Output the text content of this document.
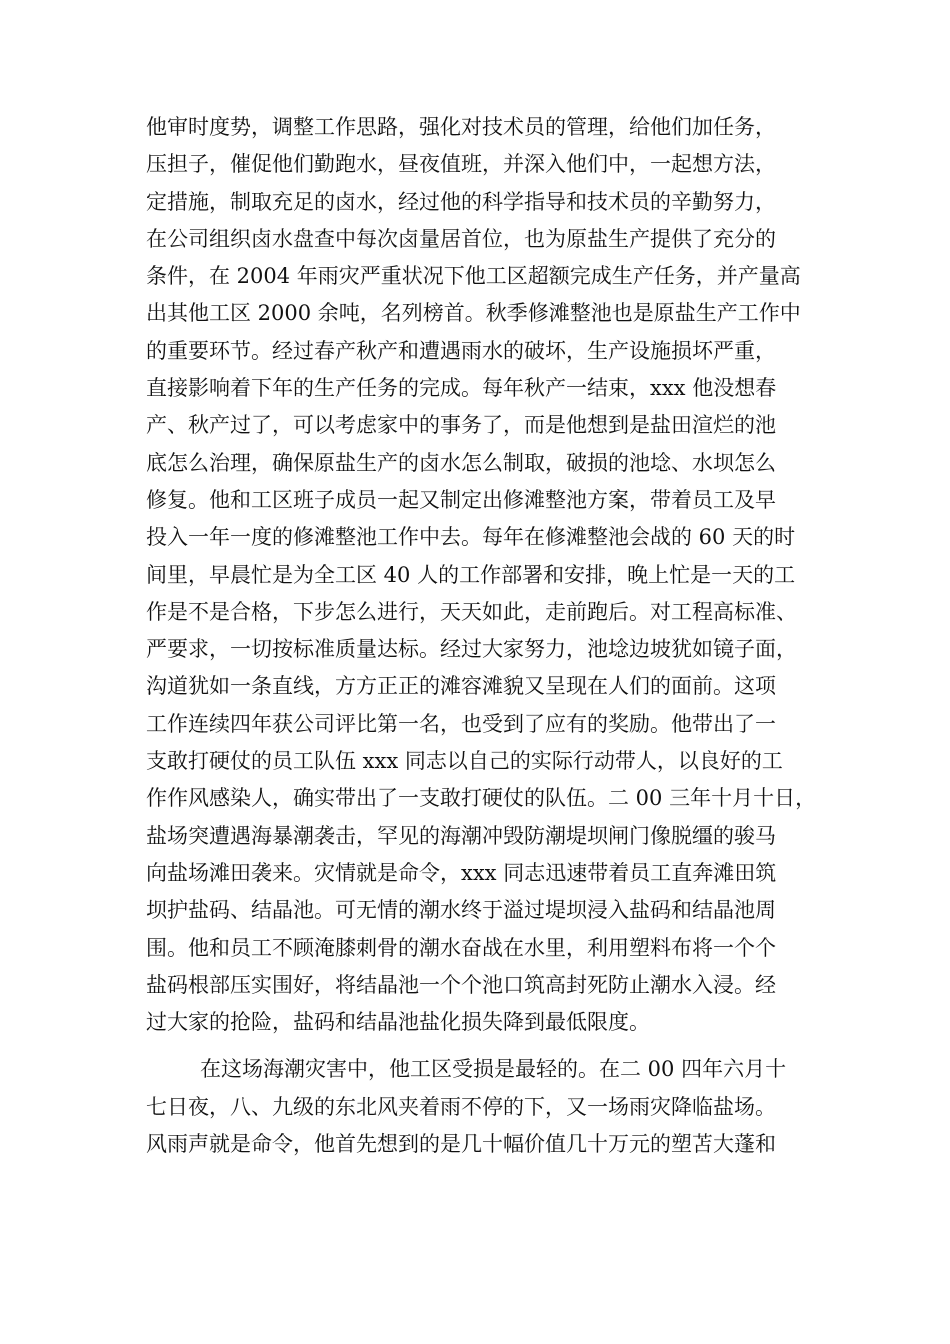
他审时度势，调整工作思路，强化对技术员的管理，给他们加任务，
压担子，催促他们勤跑水，昼夜值班，并深入他们中，一起想方法，
定措施，制取充足的卤水，经过他的科学指导和技术员的辛勤努力，
在公司组织卤水盘查中每次卤量居首位，也为原盐生产提供了充分的
条件，在 2004 年雨灾严重状况下他工区超额完成生产任务，并产量高
出其他工区 2000 余吨，名列榜首。秋季修滩整池也是原盐生产工作中
的重要环节。经过春产秋产和遭遇雨水的破坏，生产设施损坏严重，
直接影响着下年的生产任务的完成。每年秋产一结束，xxx 他没想春
产、秋产过了，可以考虑家中的事务了，而是他想到是盐田渲烂的池
底怎么治理，确保原盐生产的卤水怎么制取，破损的池埝、水坝怎么
修复。他和工区班子成员一起又制定出修滩整池方案，带着员工及早
投入一年一度的修滩整池工作中去。每年在修滩整池会战的 60 天的时
间里，早晨忙是为全工区 40 人的工作部署和安排，晚上忙是一天的工
作是不是合格，下步怎么进行，天天如此，走前跑后。对工程高标准、
严要求，一切按标准质量达标。经过大家努力，池埝边坡犹如镜子面，
沟道犹如一条直线，方方正正的滩容滩貌又呈现在人们的面前。这项
工作连续四年获公司评比第一名，也受到了应有的奖励。他带出了一
支敢打硬仗的员工队伍 xxx 同志以自己的实际行动带人，以良好的工
作作风感染人，确实带出了一支敢打硬仗的队伍。二 00 三年十月十日，
盐场突遭遇海暴潮袭击，罕见的海潮冲毁防潮堤坝闸门像脱缰的骏马
向盐场滩田袭来。灾情就是命令，xxx 同志迅速带着员工直奔滩田筑
坝护盐码、结晶池。可无情的潮水终于溢过堤坝浸入盐码和结晶池周
围。他和员工不顾淹膝刺骨的潮水奋战在水里，利用塑料布将一个个
盐码根部压实围好，将结晶池一个个池口筑高封死防止潮水入浸。经
过大家的抢险，盐码和结晶池盐化损失降到最低限度。
在这场海潮灾害中，他工区受损是最轻的。在二 00 四年六月十
七日夜，八、九级的东北风夹着雨不停的下，又一场雨灾降临盐场。
风雨声就是命令，他首先想到的是几十幅价值几十万元的塑苫大蓬和
